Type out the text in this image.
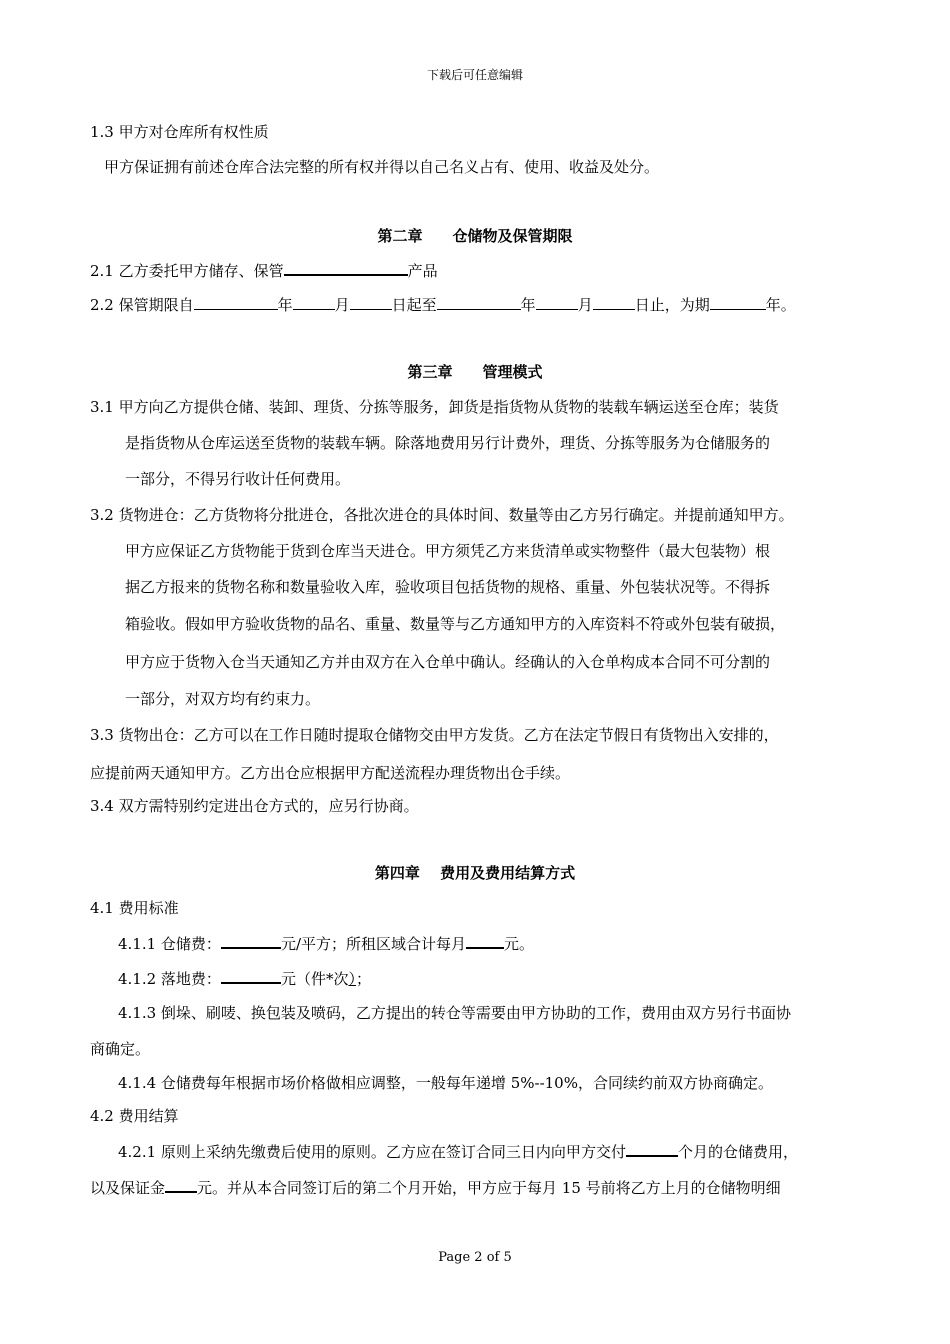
下载后可任意编辑
1.3 甲方对仓库所有权性质
甲方保证拥有前述仓库合法完整的所有权并得以自己名义占有、使用、收益及处分。
第二章　　仓储物及保管期限
2.1 乙方委托甲方储存、保管	产品
2.2 保管期限自	年	月	日起至	年	月	日止，为期	年。
第三章　　管理模式
3.1 甲方向乙方提供仓储、装卸、理货、分拣等服务，卸货是指货物从货物的装载车辆运送至仓库；装货
是指货物从仓库运送至货物的装载车辆。除落地费用另行计费外，理货、分拣等服务为仓储服务的
一部分，不得另行收计任何费用。
3.2 货物进仓：乙方货物将分批进仓，各批次进仓的具体时间、数量等由乙方另行确定。并提前通知甲方。
甲方应保证乙方货物能于货到仓库当天进仓。甲方须凭乙方来货清单或实物整件（最大包装物）根
据乙方报来的货物名称和数量验收入库，验收项目包括货物的规格、重量、外包装状况等。不得拆
箱验收。假如甲方验收货物的品名、重量、数量等与乙方通知甲方的入库资料不符或外包装有破损，
甲方应于货物入仓当天通知乙方并由双方在入仓单中确认。经确认的入仓单构成本合同不可分割的
一部分，对双方均有约束力。
3.3 货物出仓：乙方可以在工作日随时提取仓储物交由甲方发货。乙方在法定节假日有货物出入安排的，
应提前两天通知甲方。乙方出仓应根据甲方配送流程办理货物出仓手续。
3.4 双方需特别约定进出仓方式的，应另行协商。
第四章　 费用及费用结算方式
4.1 费用标准
4.1.1 仓储费：	元/平方；所租区域合计每月	元。
4.1.2 落地费：	元（件*次）；
4.1.3 倒垛、刷唛、换包装及喷码，乙方提出的转仓等需要由甲方协助的工作，费用由双方另行书面协
商确定。
4.1.4 仓储费每年根据市场价格做相应调整，一般每年递增 5%--10%，合同续约前双方协商确定。
4.2 费用结算
4.2.1 原则上采纳先缴费后使用的原则。乙方应在签订合同三日内向甲方交付	个月的仓储费用，
以及保证金 元。并从本合同签订后的第二个月开始，甲方应于每月 15 号前将乙方上月的仓储物明细
Page 2 of 5
